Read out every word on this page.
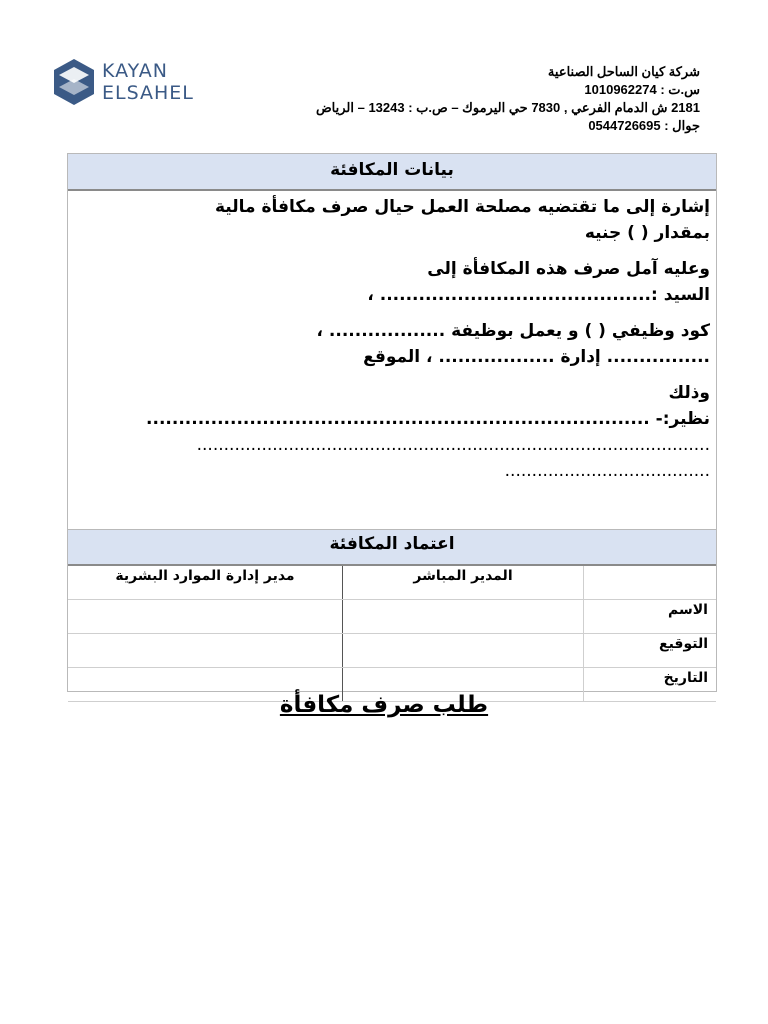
KAYAN
ELSAHEL
شركة كيان الساحل الصناعية
س.ت : 1010962274
2181 ش الدمام الفرعي , 7830 حي اليرموك – ص.ب : 13243 – الرياض
جوال : 0544726695
بيانات المكافئة

إشارة إلى ما تقتضيه مصلحة العمل حيال صرف مكافأة مالية
بمقدار ( ) جنيه

وعليه آمل صرف هذه المكافأة إلى
السيد :.......................................... ،

كود وظيفي ( ) و يعمل بوظيفة .................. ،
................ إدارة .................. ، الموقع

وذلك
نظير:- ..............................................................................
...............................................................................................
......................................

اعتماد المكافئة
	المدير المباشر	مدير إدارة الموارد البشرية
الاسم		
التوقيع		
التاريخ		
طلب صرف مكافأة
